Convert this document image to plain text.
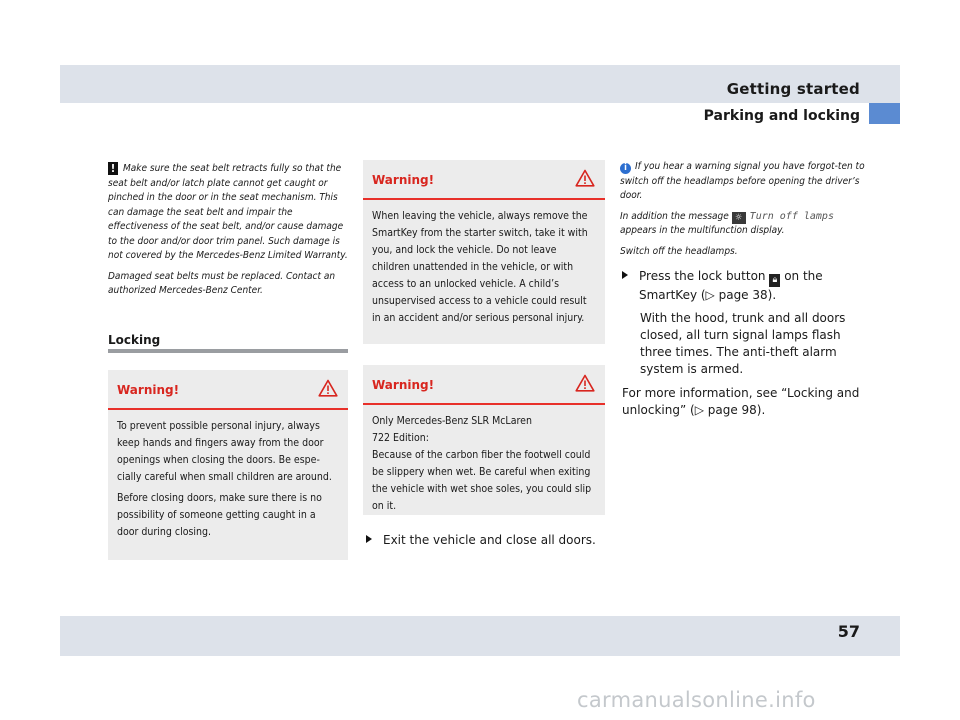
Getting started
Parking and locking

! Make sure the seat belt retracts fully so that the seat belt and/or latch plate cannot get caught or pinched in the door or in the seat mechanism. This can damage the seat belt and impair the effectiveness of the seat belt, and/or cause damage to the door and/or door trim panel. Such damage is not covered by the Mercedes-Benz Limited Warranty.

Damaged seat belts must be replaced. Contact an authorized Mercedes-Benz Center.

Locking
Warning!

To prevent possible personal injury, always keep hands and fingers away from the door openings when closing the doors. Be espe-cially careful when small children are around.

Before closing doors, make sure there is no possibility of someone getting caught in a door during closing.

Warning!

When leaving the vehicle, always remove the SmartKey from the starter switch, take it with you, and lock the vehicle. Do not leave children unattended in the vehicle, or with access to an unlocked vehicle. A child’s unsupervised access to a vehicle could result in an accident and/or serious personal injury.

Warning!
Only Mercedes-Benz SLR McLaren
722 Edition:
Because of the carbon fiber the footwell could be slippery when wet. Be careful when exiting the vehicle with wet shoe soles, you could slip on it.
Exit the vehicle and close all doors.

i If you hear a warning signal you have forgot-ten to switch off the headlamps before opening the driver’s door.

In addition the message ☼ Turn off lamps appears in the multifunction display.

Switch off the headlamps.

Press the lock button 🔒︎ on the SmartKey (▷ page 38).
With the hood, trunk and all doors closed, all turn signal lamps flash three times. The anti-theft alarm system is armed.
For more information, see “Locking and unlocking” (▷ page 98).
57
carmanualsonline.info
